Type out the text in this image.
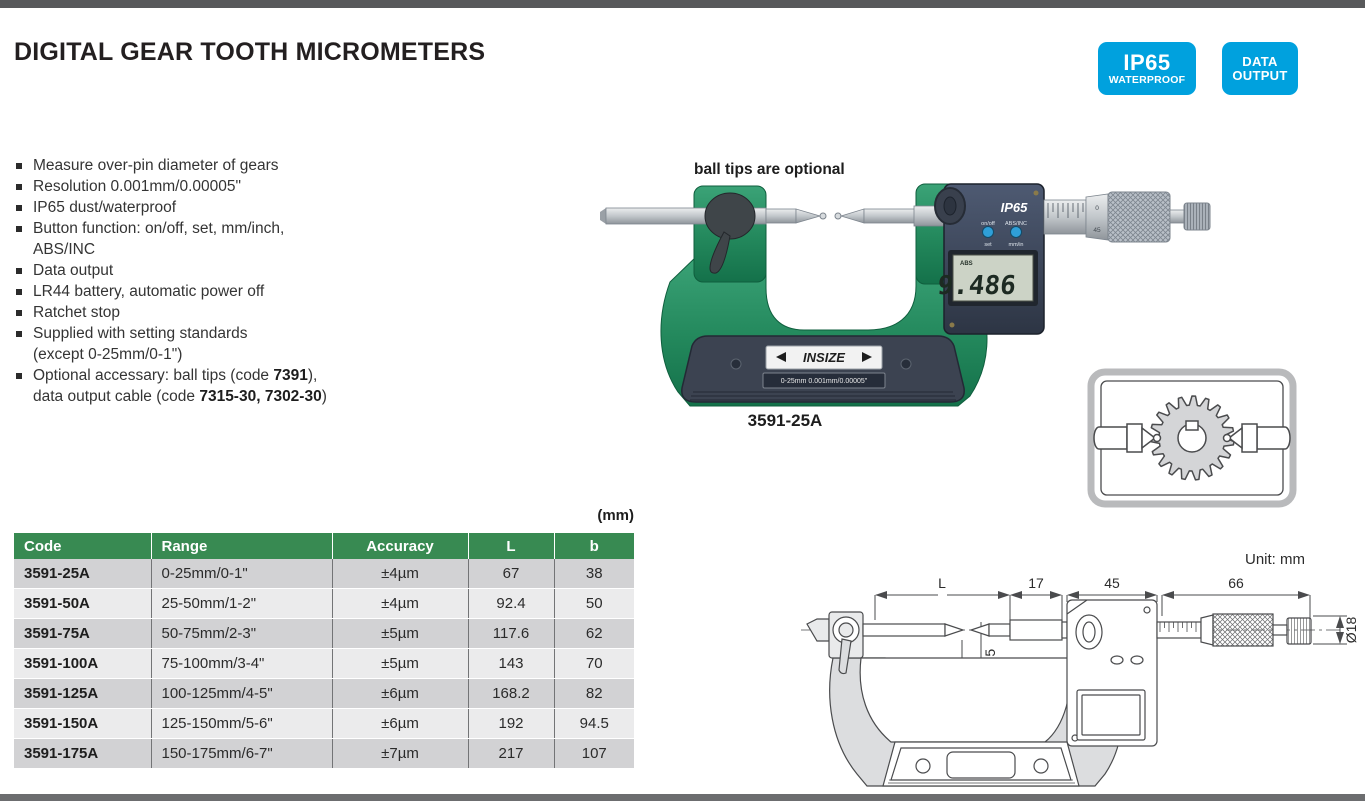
DIGITAL GEAR TOOTH MICROMETERS	IP65
WATERPROOF
DATA
OUTPUT
Measure over-pin diameter of gears
Resolution 0.001mm/0.00005"
IP65 dust/waterproof
Button function: on/off, set, mm/inch,
ABS/INC
Data output
LR44 battery, automatic power off
Ratchet stop
Supplied with setting standards
(except 0-25mm/0-1")
Optional accessary: ball tips (code 7391),
data output cable (code 7315-30, 7302-30)
ball tips are optional
INSIZE
0-25mm 0.001mm/0.00005"
IP65
on/off ABS/INC
set	mm/in
ABS
9.486
0
45
3591-25A
(mm)
Code	Range	Accuracy	L	b
3591-25A	0-25mm/0-1"	±4µm	67	38
3591-50A	25-50mm/1-2"	±4µm	92.4	50
3591-75A	50-75mm/2-3"	±5µm	117.6	62
3591-100A	75-100mm/3-4"	±5µm	143	70
3591-125A	100-125mm/4-5"	±6µm	168.2	82
3591-150A	125-150mm/5-6"	±6µm	192	94.5
3591-175A	150-175mm/6-7"	±7µm	217	107
Unit: mm
L	17	45	66
Ø18
